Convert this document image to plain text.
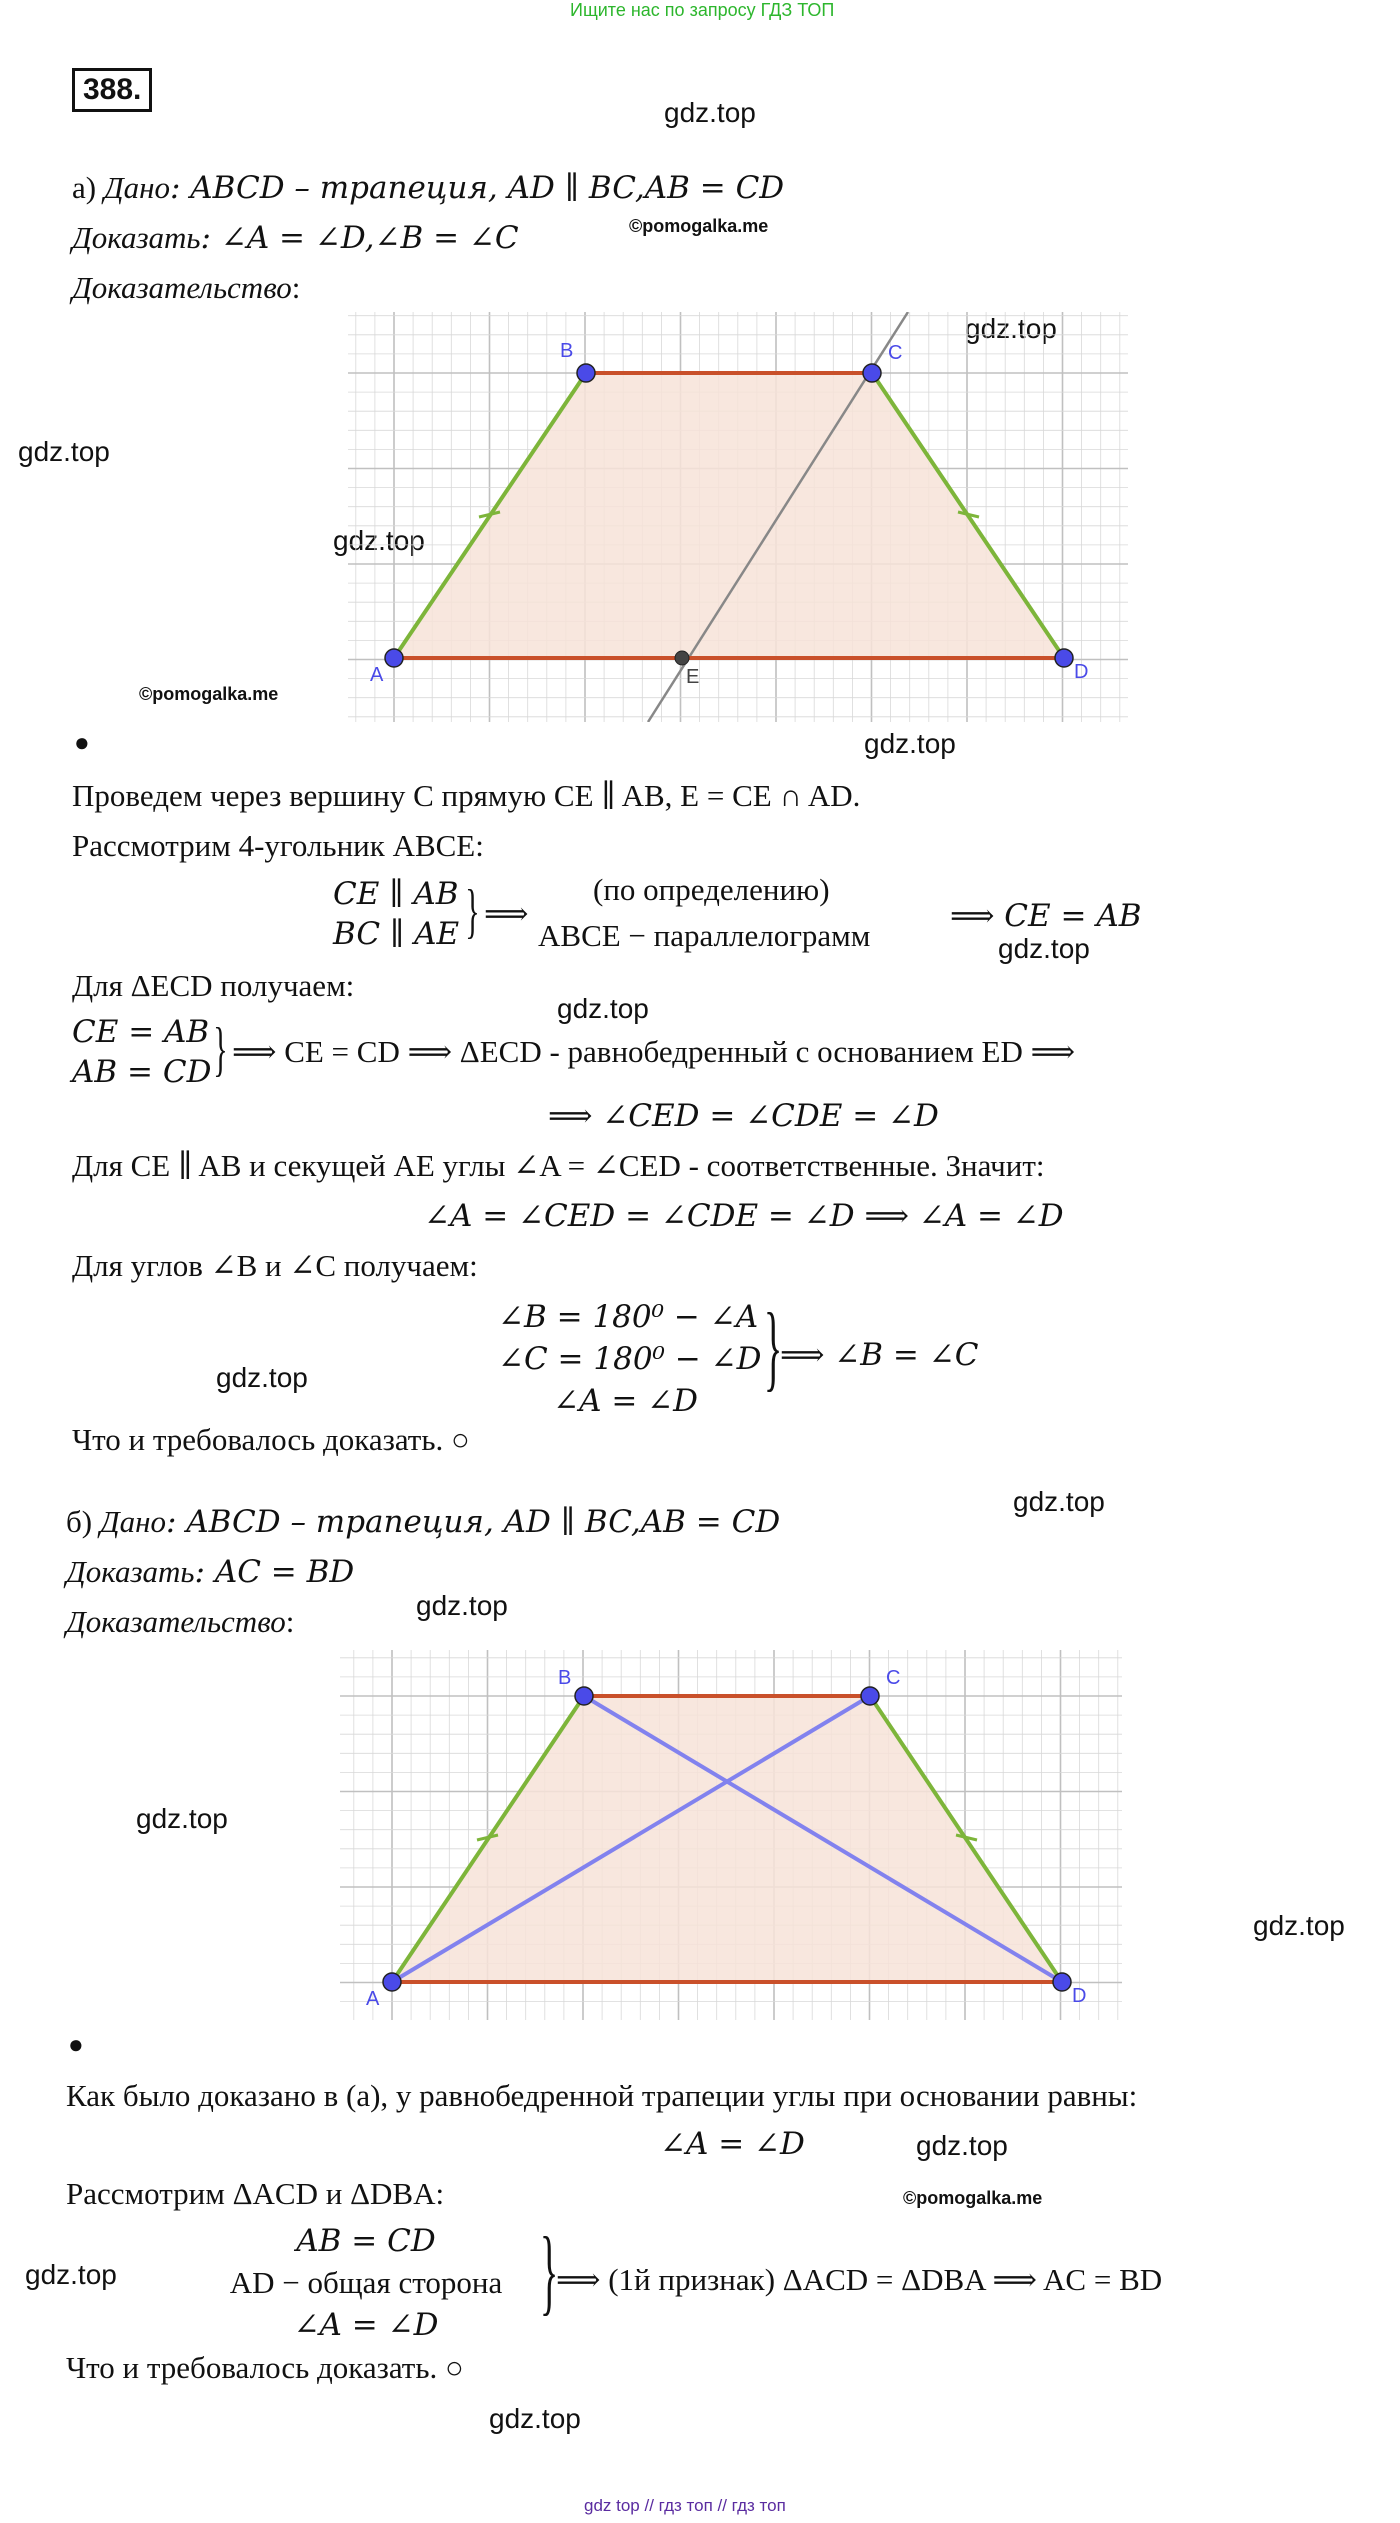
Ищите нас по запросу ГДЗ ТОП
388.
gdz.top
gdz.top
gdz.top
gdz.top
gdz.top
gdz.top
gdz.top
gdz.top
gdz.top
gdz.top
gdz.top
gdz.top
gdz.top
gdz.top
gdz.top
©pomogalka.me
©pomogalka.me
©pomogalka.me
а) Дано: ABCD – трапеция, AD ∥ BC,AB = CD
Доказать: ∠A = ∠D,∠B = ∠C
Доказательство:
A
B	C
D
E
●
Проведем через вершину C прямую CE ∥ AB, E = CE ∩ AD.
Рассмотрим 4-угольник ABCE:
CE ∥ AB
BC ∥ AE } ⟹
(по определению)
ABCE − параллелограмм
⟹ CE = AB
Для ΔECD получаем:
CE = AB
AB = CD } ⟹ CE = CD ⟹ ΔECD - равнобедренный с основанием ED ⟹
⟹ ∠CED = ∠CDE = ∠D
Для CE ∥ AB и секущей AE углы ∠A = ∠CED - соответственные. Значит:
∠A = ∠CED = ∠CDE = ∠D ⟹ ∠A = ∠D
Для углов ∠B и ∠C получаем:
∠B = 180⁰ − ∠A
∠C = 180⁰ − ∠D
∠A = ∠D
}
⟹ ∠B = ∠C
Что и требовалось доказать. ○
б) Дано: ABCD – трапеция, AD ∥ BC,AB = CD
Доказать: AC = BD
Доказательство:
A
B	C
D
●
Как было доказано в (а), у равнобедренной трапеции углы при основании равны:
∠A = ∠D
Рассмотрим ΔACD и ΔDBA:
AB = CD
AD − общая сторона
∠A = ∠D
}
⟹ (1й признак) ΔACD = ΔDBA ⟹ AC = BD
Что и требовалось доказать. ○
gdz top // гдз топ // гдз топ
